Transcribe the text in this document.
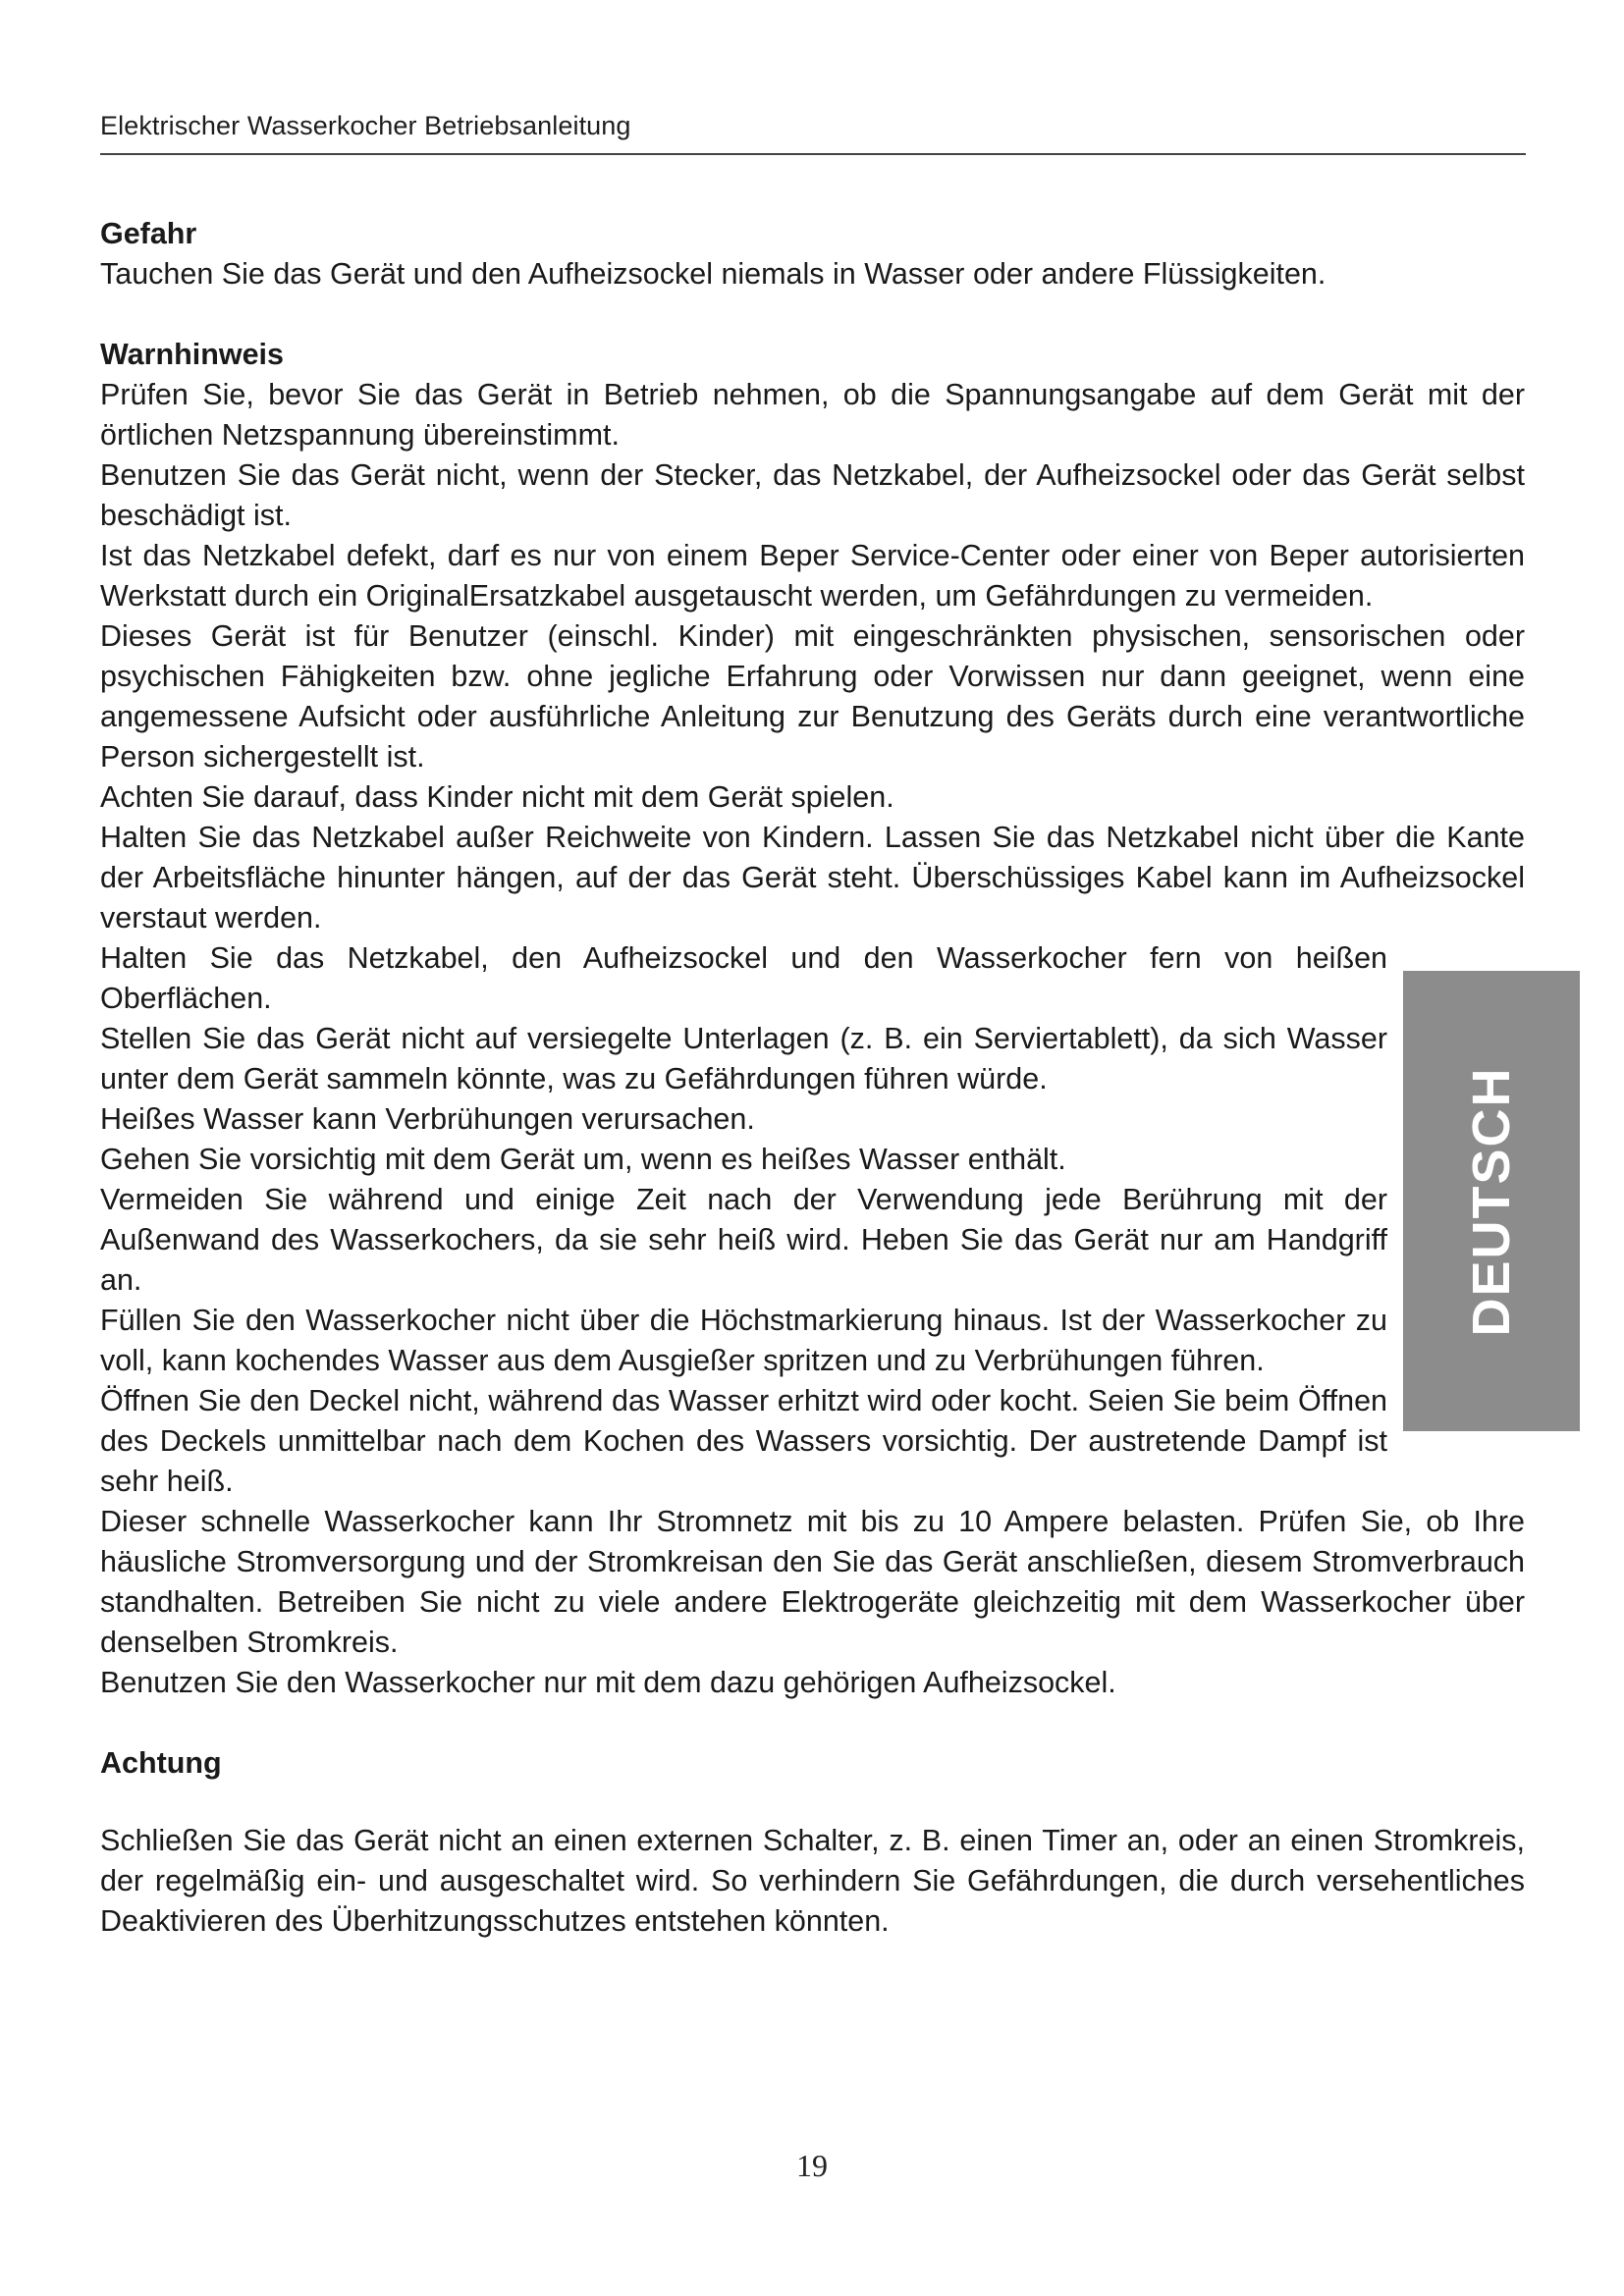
Elektrischer Wasserkocher Betriebsanleitung
Gefahr

Tauchen Sie das Gerät und den Aufheizsockel niemals in Wasser oder andere Flüssigkeiten.

Warnhinweis

Prüfen Sie, bevor Sie das Gerät in Betrieb nehmen, ob die Spannungsangabe auf dem Gerät mit der örtlichen Netzspannung übereinstimmt.

Benutzen Sie das Gerät nicht, wenn der Stecker, das Netzkabel, der Aufheizsockel oder das Gerät selbst beschädigt ist.

Ist das Netzkabel defekt, darf es nur von einem Beper Service-Center oder einer von Beper autorisierten Werkstatt durch ein OriginalErsatzkabel ausgetauscht werden, um Gefährdungen zu vermeiden.

Dieses Gerät ist für Benutzer (einschl. Kinder) mit eingeschränkten physischen, sensorischen oder psychischen Fähigkeiten bzw. ohne jegliche Erfahrung oder Vorwissen nur dann geeignet, wenn eine angemessene Aufsicht oder ausführliche Anleitung zur Benutzung des Geräts durch eine verantwortliche Person sichergestellt ist.

Achten Sie darauf, dass Kinder nicht mit dem Gerät spielen.

Halten Sie das Netzkabel außer Reichweite von Kindern. Lassen Sie das Netzkabel nicht über die Kante der Arbeitsfläche hinunter hängen, auf der das Gerät steht. Überschüssiges Kabel kann im Aufheizsockel verstaut werden.

Halten Sie das Netzkabel, den Aufheizsockel und den Wasserkocher fern von heißen Oberflächen.

Stellen Sie das Gerät nicht auf versiegelte Unterlagen (z. B. ein Serviertablett), da sich Wasser unter dem Gerät sammeln könnte, was zu Gefährdungen führen würde.

Heißes Wasser kann Verbrühungen verursachen.

Gehen Sie vorsichtig mit dem Gerät um, wenn es heißes Wasser enthält.

Vermeiden Sie während und einige Zeit nach der Verwendung jede Berührung mit der Außenwand des Wasserkochers, da sie sehr heiß wird. Heben Sie das Gerät nur am Handgriff an.

Füllen Sie den Wasserkocher nicht über die Höchstmarkierung hinaus. Ist der Wasserkocher zu voll, kann kochendes Wasser aus dem Ausgießer spritzen und zu Verbrühungen führen.

Öffnen Sie den Deckel nicht, während das Wasser erhitzt wird oder kocht. Seien Sie beim Öffnen des Deckels unmittelbar nach dem Kochen des Wassers vorsichtig. Der austretende Dampf ist sehr heiß.

Dieser schnelle Wasserkocher kann Ihr Stromnetz mit bis zu 10 Ampere belasten. Prüfen Sie, ob Ihre häusliche Stromversorgung und der Stromkreisan den Sie das Gerät anschließen, diesem Stromverbrauch standhalten. Betreiben Sie nicht zu viele andere Elektrogeräte gleichzeitig mit dem Wasserkocher über denselben Stromkreis.

Benutzen Sie den Wasserkocher nur mit dem dazu gehörigen Aufheizsockel.

Achtung

Schließen Sie das Gerät nicht an einen externen Schalter, z. B. einen Timer an, oder an einen Stromkreis, der regelmäßig ein- und ausgeschaltet wird. So verhindern Sie Gefährdungen, die durch versehentliches Deaktivieren des Überhitzungsschutzes entstehen könnten.

DEUTSCH
19
